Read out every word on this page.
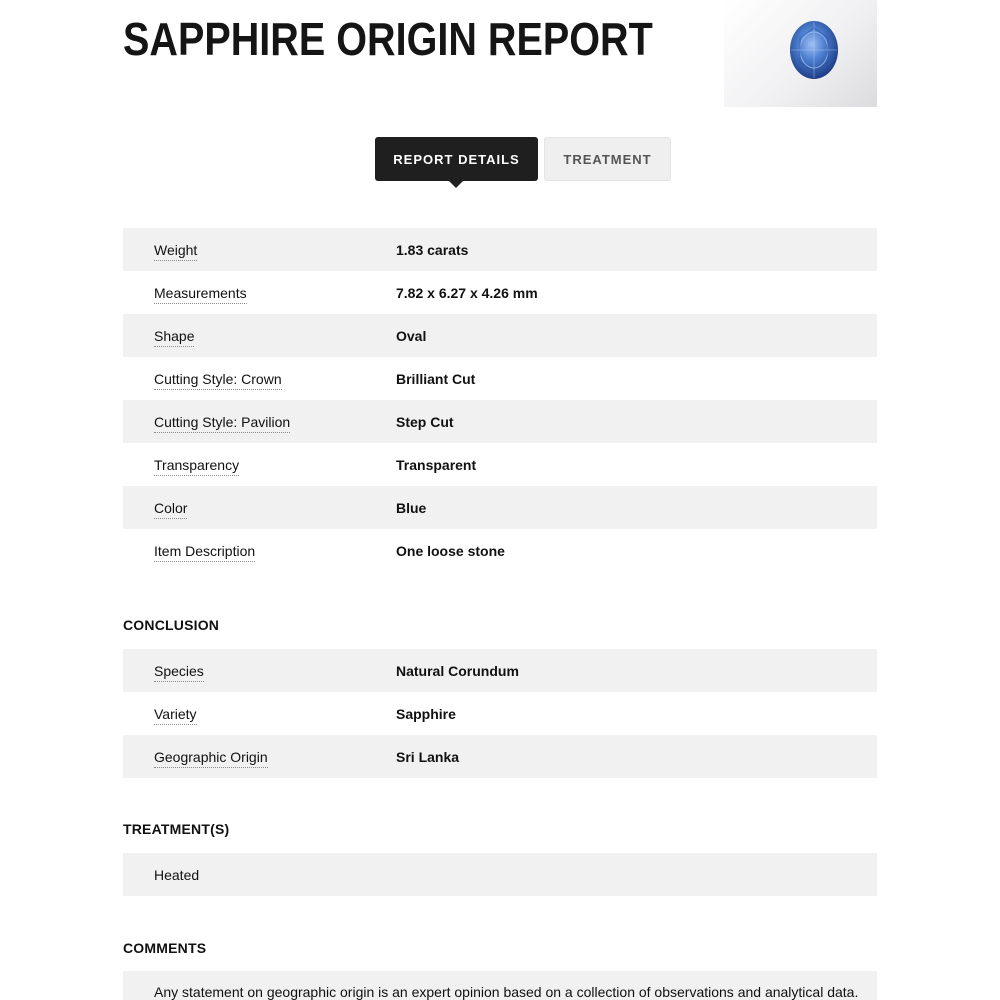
SAPPHIRE ORIGIN REPORT
REPORT DETAILS	TREATMENT
Weight	1.83 carats
Measurements	7.82 x 6.27 x 4.26 mm
Shape	Oval
Cutting Style: Crown	Brilliant Cut
Cutting Style: Pavilion	Step Cut
Transparency	Transparent
Color	Blue
Item Description	One loose stone
CONCLUSION
Species	Natural Corundum
Variety	Sapphire
Geographic Origin	Sri Lanka
TREATMENT(S)
Heated
COMMENTS

Any statement on geographic origin is an expert opinion based on a collection of observations and analytical data.
